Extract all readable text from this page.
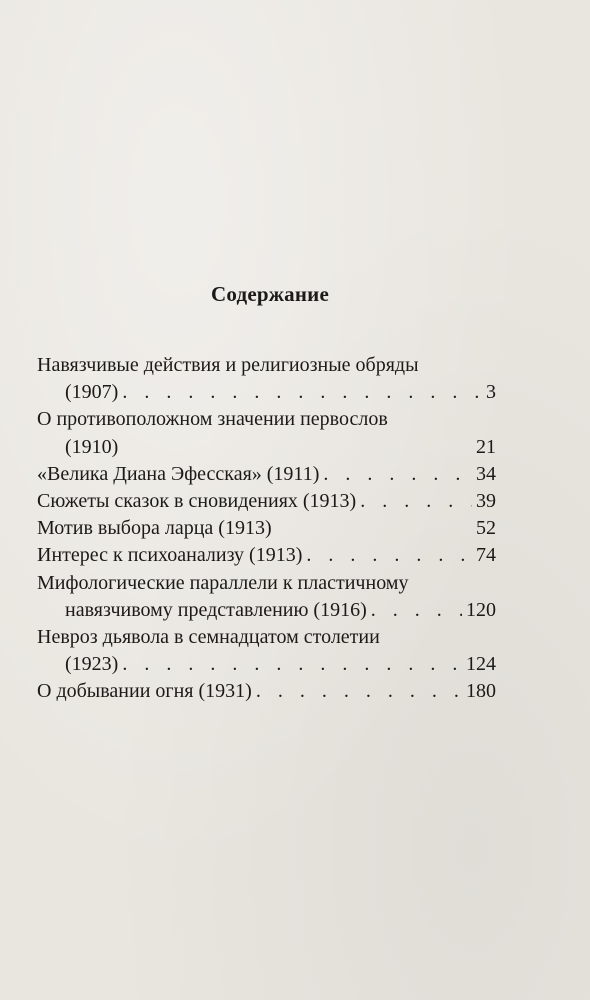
Содержание
Навязчивые действия и религиозные обряды
(1907) . . .	3
О противоположном значении первослов
(1910)	21
«Велика Диана Эфесская» (1911) . . .	34
Сюжеты сказок в сновидениях (1913) . . .	39
Мотив выбора ларца (1913)	52
Интерес к психоанализу (1913) . . .	74
Мифологические параллели к пластичному
навязчивому представлению (1916) . . .	120
Невроз дьявола в семнадцатом столетии
(1923) . . .	124
О добывании огня (1931) . . .	180
